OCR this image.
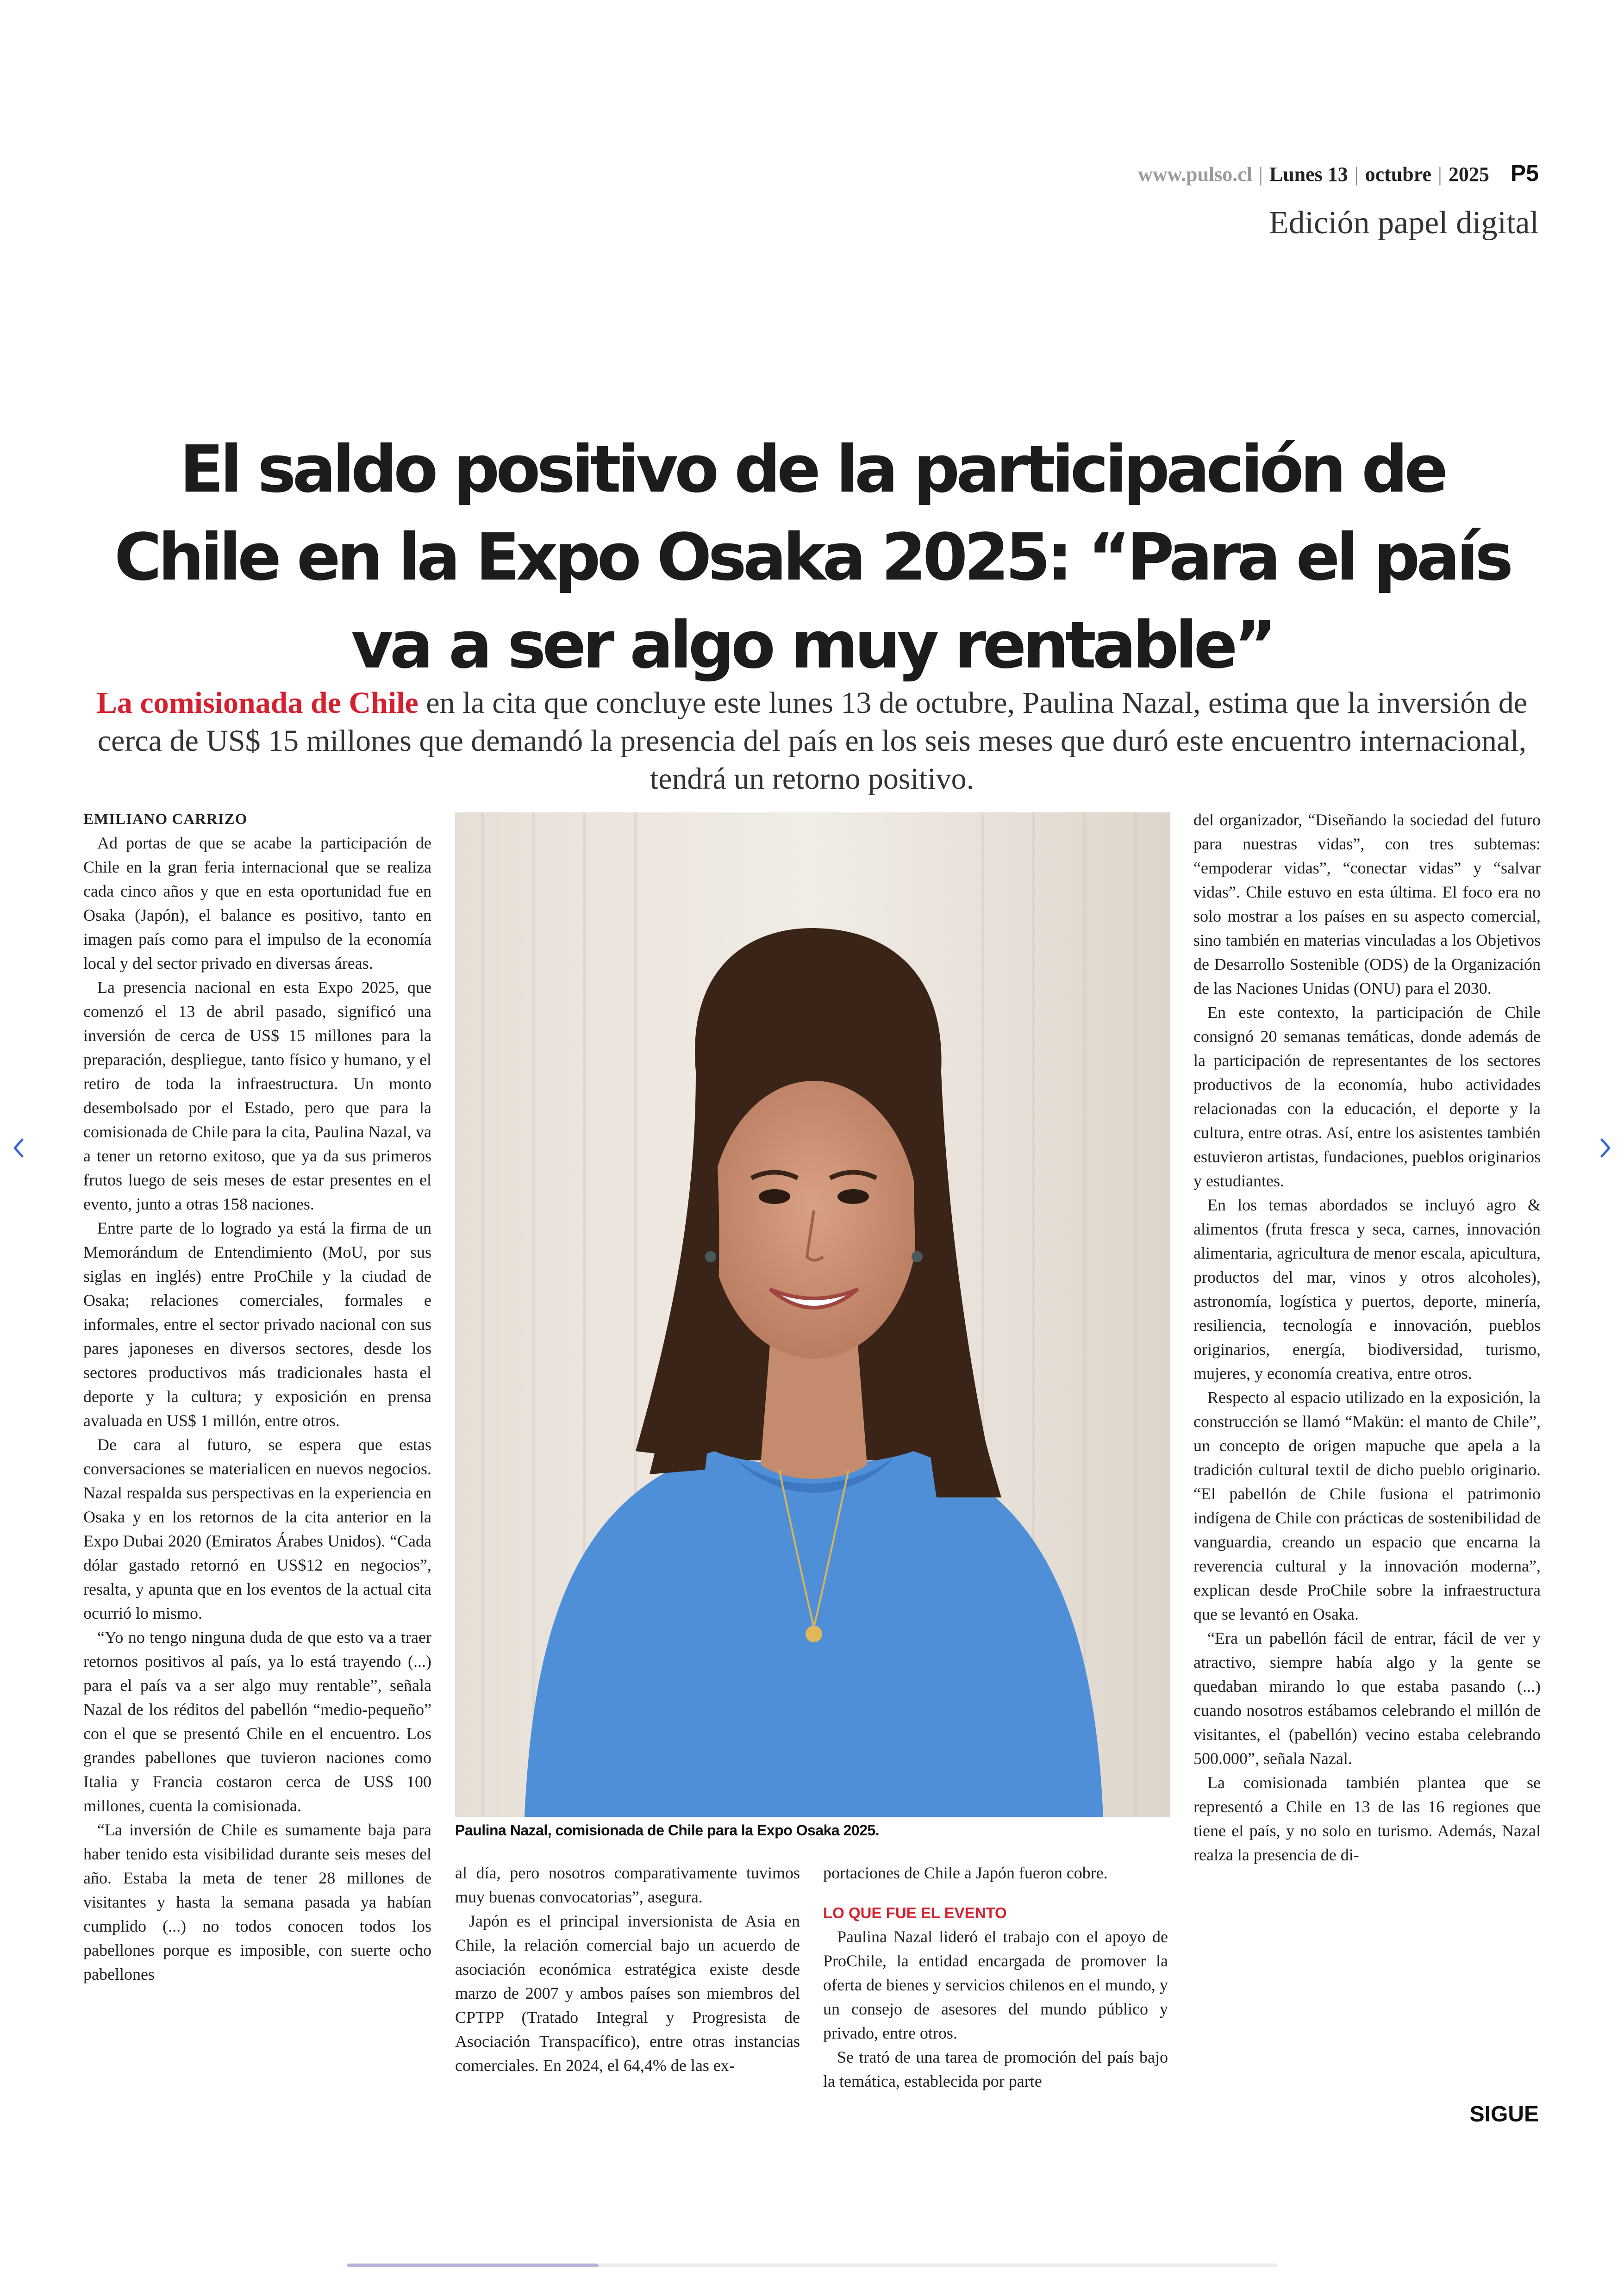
www.pulso.cl | Lunes 13 | octubre | 2025 P5
Edición papel digital
El saldo positivo de la participación de Chile en la Expo Osaka 2025: “Para el país va a ser algo muy rentable”

La comisionada de Chile en la cita que concluye este lunes 13 de octubre, Paulina Nazal, estima que la inversión de cerca de US$ 15 millones que demandó la presencia del país en los seis meses que duró este encuentro internacional, tendrá un retorno positivo.

EMILIANO CARRIZO

Ad portas de que se acabe la participación de Chile en la gran feria internacional que se realiza cada cinco años y que en esta oportunidad fue en Osaka (Japón), el balance es positivo, tanto en imagen país como para el impulso de la economía local y del sector privado en diversas áreas.

La presencia nacional en esta Expo 2025, que comenzó el 13 de abril pasado, significó una inversión de cerca de US$ 15 millones para la preparación, despliegue, tanto físico y humano, y el retiro de toda la infraestructura. Un monto desembolsado por el Estado, pero que para la comisionada de Chile para la cita, Paulina Nazal, va a tener un retorno exitoso, que ya da sus primeros frutos luego de seis meses de estar presentes en el evento, junto a otras 158 naciones.

Entre parte de lo logrado ya está la firma de un Memorándum de Entendimiento (MoU, por sus siglas en inglés) entre ProChile y la ciudad de Osaka; relaciones comerciales, formales e informales, entre el sector privado nacional con sus pares japoneses en diversos sectores, desde los sectores productivos más tradicionales hasta el deporte y la cultura; y exposición en prensa avaluada en US$ 1 millón, entre otros.

De cara al futuro, se espera que estas conversaciones se materialicen en nuevos negocios. Nazal respalda sus perspectivas en la experiencia en Osaka y en los retornos de la cita anterior en la Expo Dubai 2020 (Emiratos Árabes Unidos). “Cada dólar gastado retornó en US$12 en negocios”, resalta, y apunta que en los eventos de la actual cita ocurrió lo mismo.

“Yo no tengo ninguna duda de que esto va a traer retornos positivos al país, ya lo está trayendo (...) para el país va a ser algo muy rentable”, señala Nazal de los réditos del pabellón “medio-pequeño” con el que se presentó Chile en el encuentro. Los grandes pabellones que tuvieron naciones como Italia y Francia costaron cerca de US$ 100 millones, cuenta la comisionada.

“La inversión de Chile es sumamente baja para haber tenido esta visibilidad durante seis meses del año. Estaba la meta de tener 28 millones de visitantes y hasta la semana pasada ya habían cumplido (...) no todos conocen todos los pabellones porque es imposible, con suerte ocho pabellones

Paulina Nazal, comisionada de Chile para la Expo Osaka 2025.

al día, pero nosotros comparativamente tuvimos muy buenas convocatorias”, asegura.

Japón es el principal inversionista de Asia en Chile, la relación comercial bajo un acuerdo de asociación económica estratégica existe desde marzo de 2007 y ambos países son miembros del CPTPP (Tratado Integral y Progresista de Asociación Transpacífico), entre otras instancias comerciales. En 2024, el 64,4% de las ex-

portaciones de Chile a Japón fueron cobre.

LO QUE FUE EL EVENTO

Paulina Nazal lideró el trabajo con el apoyo de ProChile, la entidad encargada de promover la oferta de bienes y servicios chilenos en el mundo, y un consejo de asesores del mundo público y privado, entre otros.

Se trató de una tarea de promoción del país bajo la temática, establecida por parte

del organizador, “Diseñando la sociedad del futuro para nuestras vidas”, con tres subtemas: “empoderar vidas”, “conectar vidas” y “salvar vidas”. Chile estuvo en esta última. El foco era no solo mostrar a los países en su aspecto comercial, sino también en materias vinculadas a los Objetivos de Desarrollo Sostenible (ODS) de la Organización de las Naciones Unidas (ONU) para el 2030.

En este contexto, la participación de Chile consignó 20 semanas temáticas, donde además de la participación de representantes de los sectores productivos de la economía, hubo actividades relacionadas con la educación, el deporte y la cultura, entre otras. Así, entre los asistentes también estuvieron artistas, fundaciones, pueblos originarios y estudiantes.

En los temas abordados se incluyó agro & alimentos (fruta fresca y seca, carnes, innovación alimentaria, agricultura de menor escala, apicultura, productos del mar, vinos y otros alcoholes), astronomía, logística y puertos, deporte, minería, resiliencia, tecnología e innovación, pueblos originarios, energía, biodiversidad, turismo, mujeres, y economía creativa, entre otros.

Respecto al espacio utilizado en la exposición, la construcción se llamó “Makün: el manto de Chile”, un concepto de origen mapuche que apela a la tradición cultural textil de dicho pueblo originario. “El pabellón de Chile fusiona el patrimonio indígena de Chile con prácticas de sostenibilidad de vanguardia, creando un espacio que encarna la reverencia cultural y la innovación moderna”, explican desde ProChile sobre la infraestructura que se levantó en Osaka.

“Era un pabellón fácil de entrar, fácil de ver y atractivo, siempre había algo y la gente se quedaban mirando lo que estaba pasando (...) cuando nosotros estábamos celebrando el millón de visitantes, el (pabellón) vecino estaba celebrando 500.000”, señala Nazal.

La comisionada también plantea que se representó a Chile en 13 de las 16 regiones que tiene el país, y no solo en turismo. Además, Nazal realza la presencia de di-

SIGUE
